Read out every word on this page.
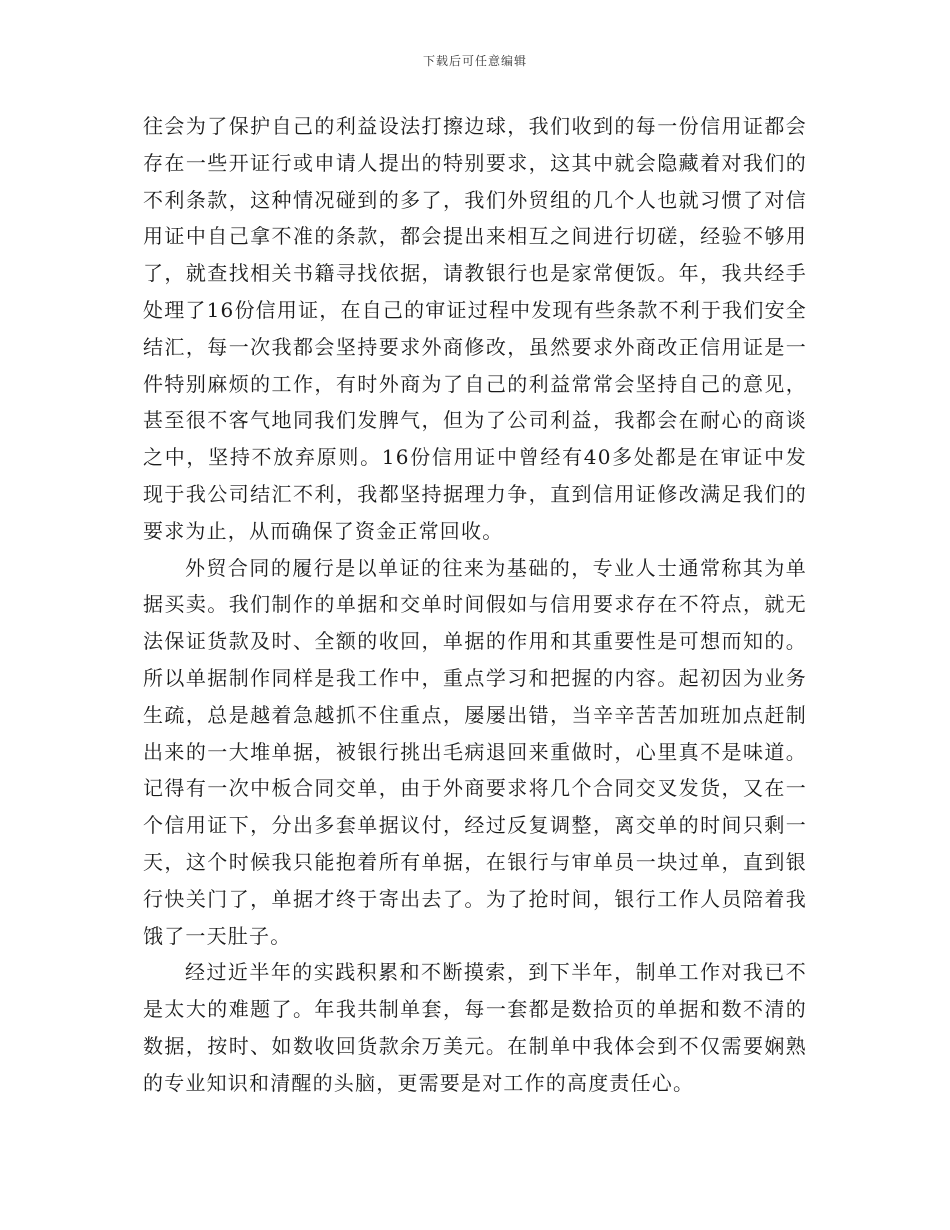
下载后可任意编辑

往会为了保护自己的利益设法打擦边球，我们收到的每一份信用证都会存在一些开证行或申请人提出的特别要求，这其中就会隐藏着对我们的不利条款，这种情况碰到的多了，我们外贸组的几个人也就习惯了对信用证中自己拿不准的条款，都会提出来相互之间进行切磋，经验不够用了，就查找相关书籍寻找依据，请教银行也是家常便饭。年，我共经手处理了16份信用证，在自己的审证过程中发现有些条款不利于我们安全结汇，每一次我都会坚持要求外商修改，虽然要求外商改正信用证是一件特别麻烦的工作，有时外商为了自己的利益常常会坚持自己的意见，甚至很不客气地同我们发脾气，但为了公司利益，我都会在耐心的商谈之中，坚持不放弃原则。16份信用证中曾经有40多处都是在审证中发现于我公司结汇不利，我都坚持据理力争，直到信用证修改满足我们的要求为止，从而确保了资金正常回收。

外贸合同的履行是以单证的往来为基础的，专业人士通常称其为单据买卖。我们制作的单据和交单时间假如与信用要求存在不符点，就无法保证货款及时、全额的收回，单据的作用和其重要性是可想而知的。所以单据制作同样是我工作中，重点学习和把握的内容。起初因为业务生疏，总是越着急越抓不住重点，屡屡出错，当辛辛苦苦加班加点赶制出来的一大堆单据，被银行挑出毛病退回来重做时，心里真不是味道。记得有一次中板合同交单，由于外商要求将几个合同交叉发货，又在一个信用证下，分出多套单据议付，经过反复调整，离交单的时间只剩一天，这个时候我只能抱着所有单据，在银行与审单员一块过单，直到银行快关门了，单据才终于寄出去了。为了抢时间，银行工作人员陪着我饿了一天肚子。

经过近半年的实践积累和不断摸索，到下半年，制单工作对我已不是太大的难题了。年我共制单套，每一套都是数拾页的单据和数不清的数据，按时、如数收回货款余万美元。在制单中我体会到不仅需要娴熟的专业知识和清醒的头脑，更需要是对工作的高度责任心。
